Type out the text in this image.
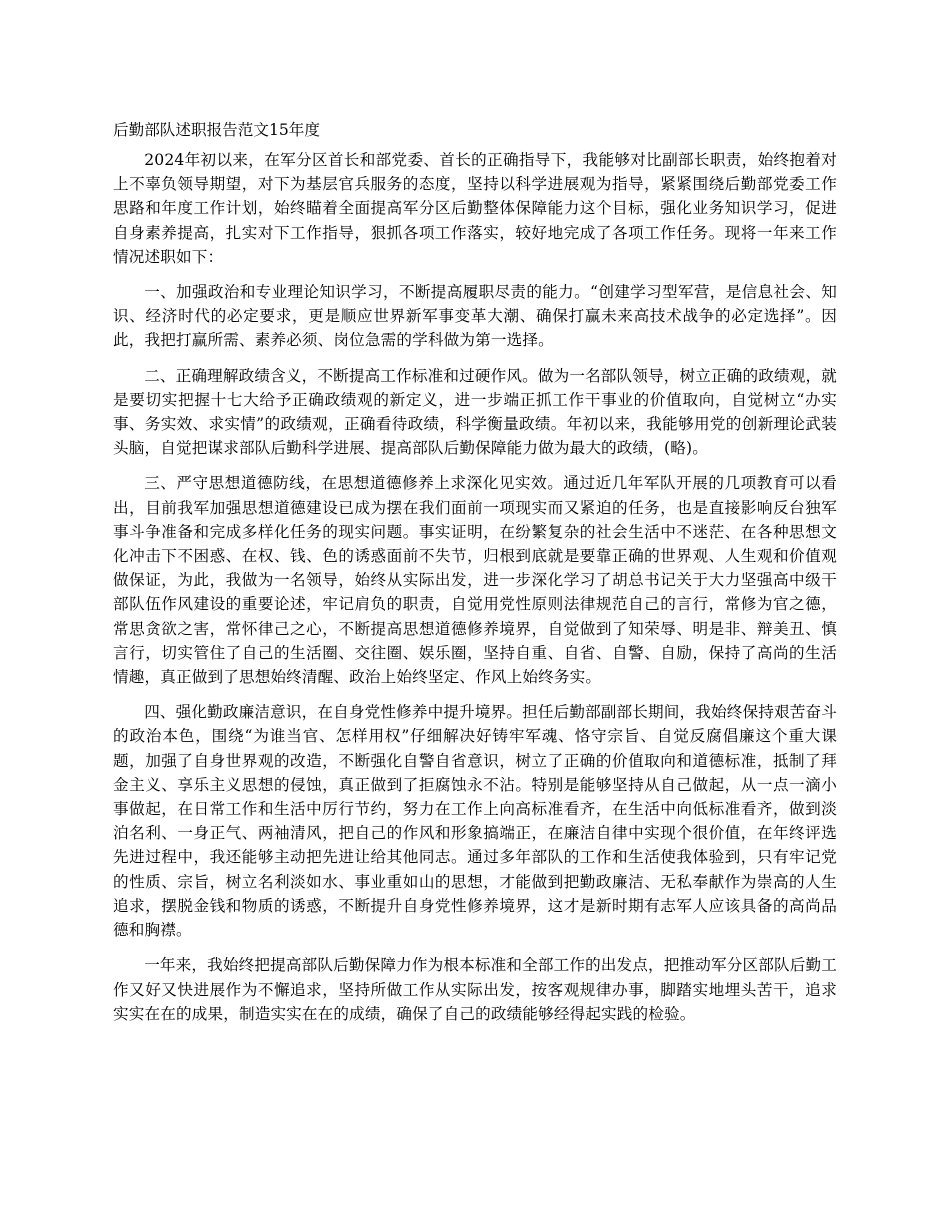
后勤部队述职报告范文15年度

2024年初以来，在军分区首长和部党委、首长的正确指导下，我能够对比副部长职责，始终抱着对上不辜负领导期望，对下为基层官兵服务的态度，坚持以科学进展观为指导，紧紧围绕后勤部党委工作思路和年度工作计划，始终瞄着全面提高军分区后勤整体保障能力这个目标，强化业务知识学习，促进自身素养提高，扎实对下工作指导，狠抓各项工作落实，较好地完成了各项工作任务。现将一年来工作情况述职如下：

一、加强政治和专业理论知识学习，不断提高履职尽责的能力。“创建学习型军营，是信息社会、知识、经济时代的必定要求，更是顺应世界新军事变革大潮、确保打赢未来高技术战争的必定选择”。因此，我把打赢所需、素养必须、岗位急需的学科做为第一选择。

二、正确理解政绩含义，不断提高工作标准和过硬作风。做为一名部队领导，树立正确的政绩观，就是要切实把握十七大给予正确政绩观的新定义，进一步端正抓工作干事业的价值取向，自觉树立“办实事、务实效、求实情”的政绩观，正确看待政绩，科学衡量政绩。年初以来，我能够用党的创新理论武装头脑，自觉把谋求部队后勤科学进展、提高部队后勤保障能力做为最大的政绩，(略)。

三、严守思想道德防线，在思想道德修养上求深化见实效。通过近几年军队开展的几项教育可以看出，目前我军加强思想道德建设已成为摆在我们面前一项现实而又紧迫的任务，也是直接影响反台独军事斗争准备和完成多样化任务的现实问题。事实证明，在纷繁复杂的社会生活中不迷茫、在各种思想文化冲击下不困惑、在权、钱、色的诱惑面前不失节，归根到底就是要靠正确的世界观、人生观和价值观做保证，为此，我做为一名领导，始终从实际出发，进一步深化学习了胡总书记关于大力坚强高中级干部队伍作风建设的重要论述，牢记肩负的职责，自觉用党性原则法律规范自己的言行，常修为官之德，常思贪欲之害，常怀律己之心，不断提高思想道德修养境界，自觉做到了知荣辱、明是非、辩美丑、慎言行，切实管住了自己的生活圈、交往圈、娱乐圈，坚持自重、自省、自警、自励，保持了高尚的生活情趣，真正做到了思想始终清醒、政治上始终坚定、作风上始终务实。

四、强化勤政廉洁意识，在自身党性修养中提升境界。担任后勤部副部长期间，我始终保持艰苦奋斗的政治本色，围绕“为谁当官、怎样用权”仔细解决好铸牢军魂、恪守宗旨、自觉反腐倡廉这个重大课题，加强了自身世界观的改造，不断强化自警自省意识，树立了正确的价值取向和道德标准，抵制了拜金主义、享乐主义思想的侵蚀，真正做到了拒腐蚀永不沾。特别是能够坚持从自己做起，从一点一滴小事做起，在日常工作和生活中厉行节约，努力在工作上向高标准看齐，在生活中向低标准看齐，做到淡泊名利、一身正气、两袖清风，把自己的作风和形象搞端正，在廉洁自律中实现个很价值，在年终评选先进过程中，我还能够主动把先进让给其他同志。通过多年部队的工作和生活使我体验到，只有牢记党的性质、宗旨，树立名利淡如水、事业重如山的思想，才能做到把勤政廉洁、无私奉献作为崇高的人生追求，摆脱金钱和物质的诱惑，不断提升自身党性修养境界，这才是新时期有志军人应该具备的高尚品德和胸襟。

一年来，我始终把提高部队后勤保障力作为根本标准和全部工作的出发点，把推动军分区部队后勤工作又好又快进展作为不懈追求，坚持所做工作从实际出发，按客观规律办事，脚踏实地埋头苦干，追求实实在在的成果，制造实实在在的成绩，确保了自己的政绩能够经得起实践的检验。
